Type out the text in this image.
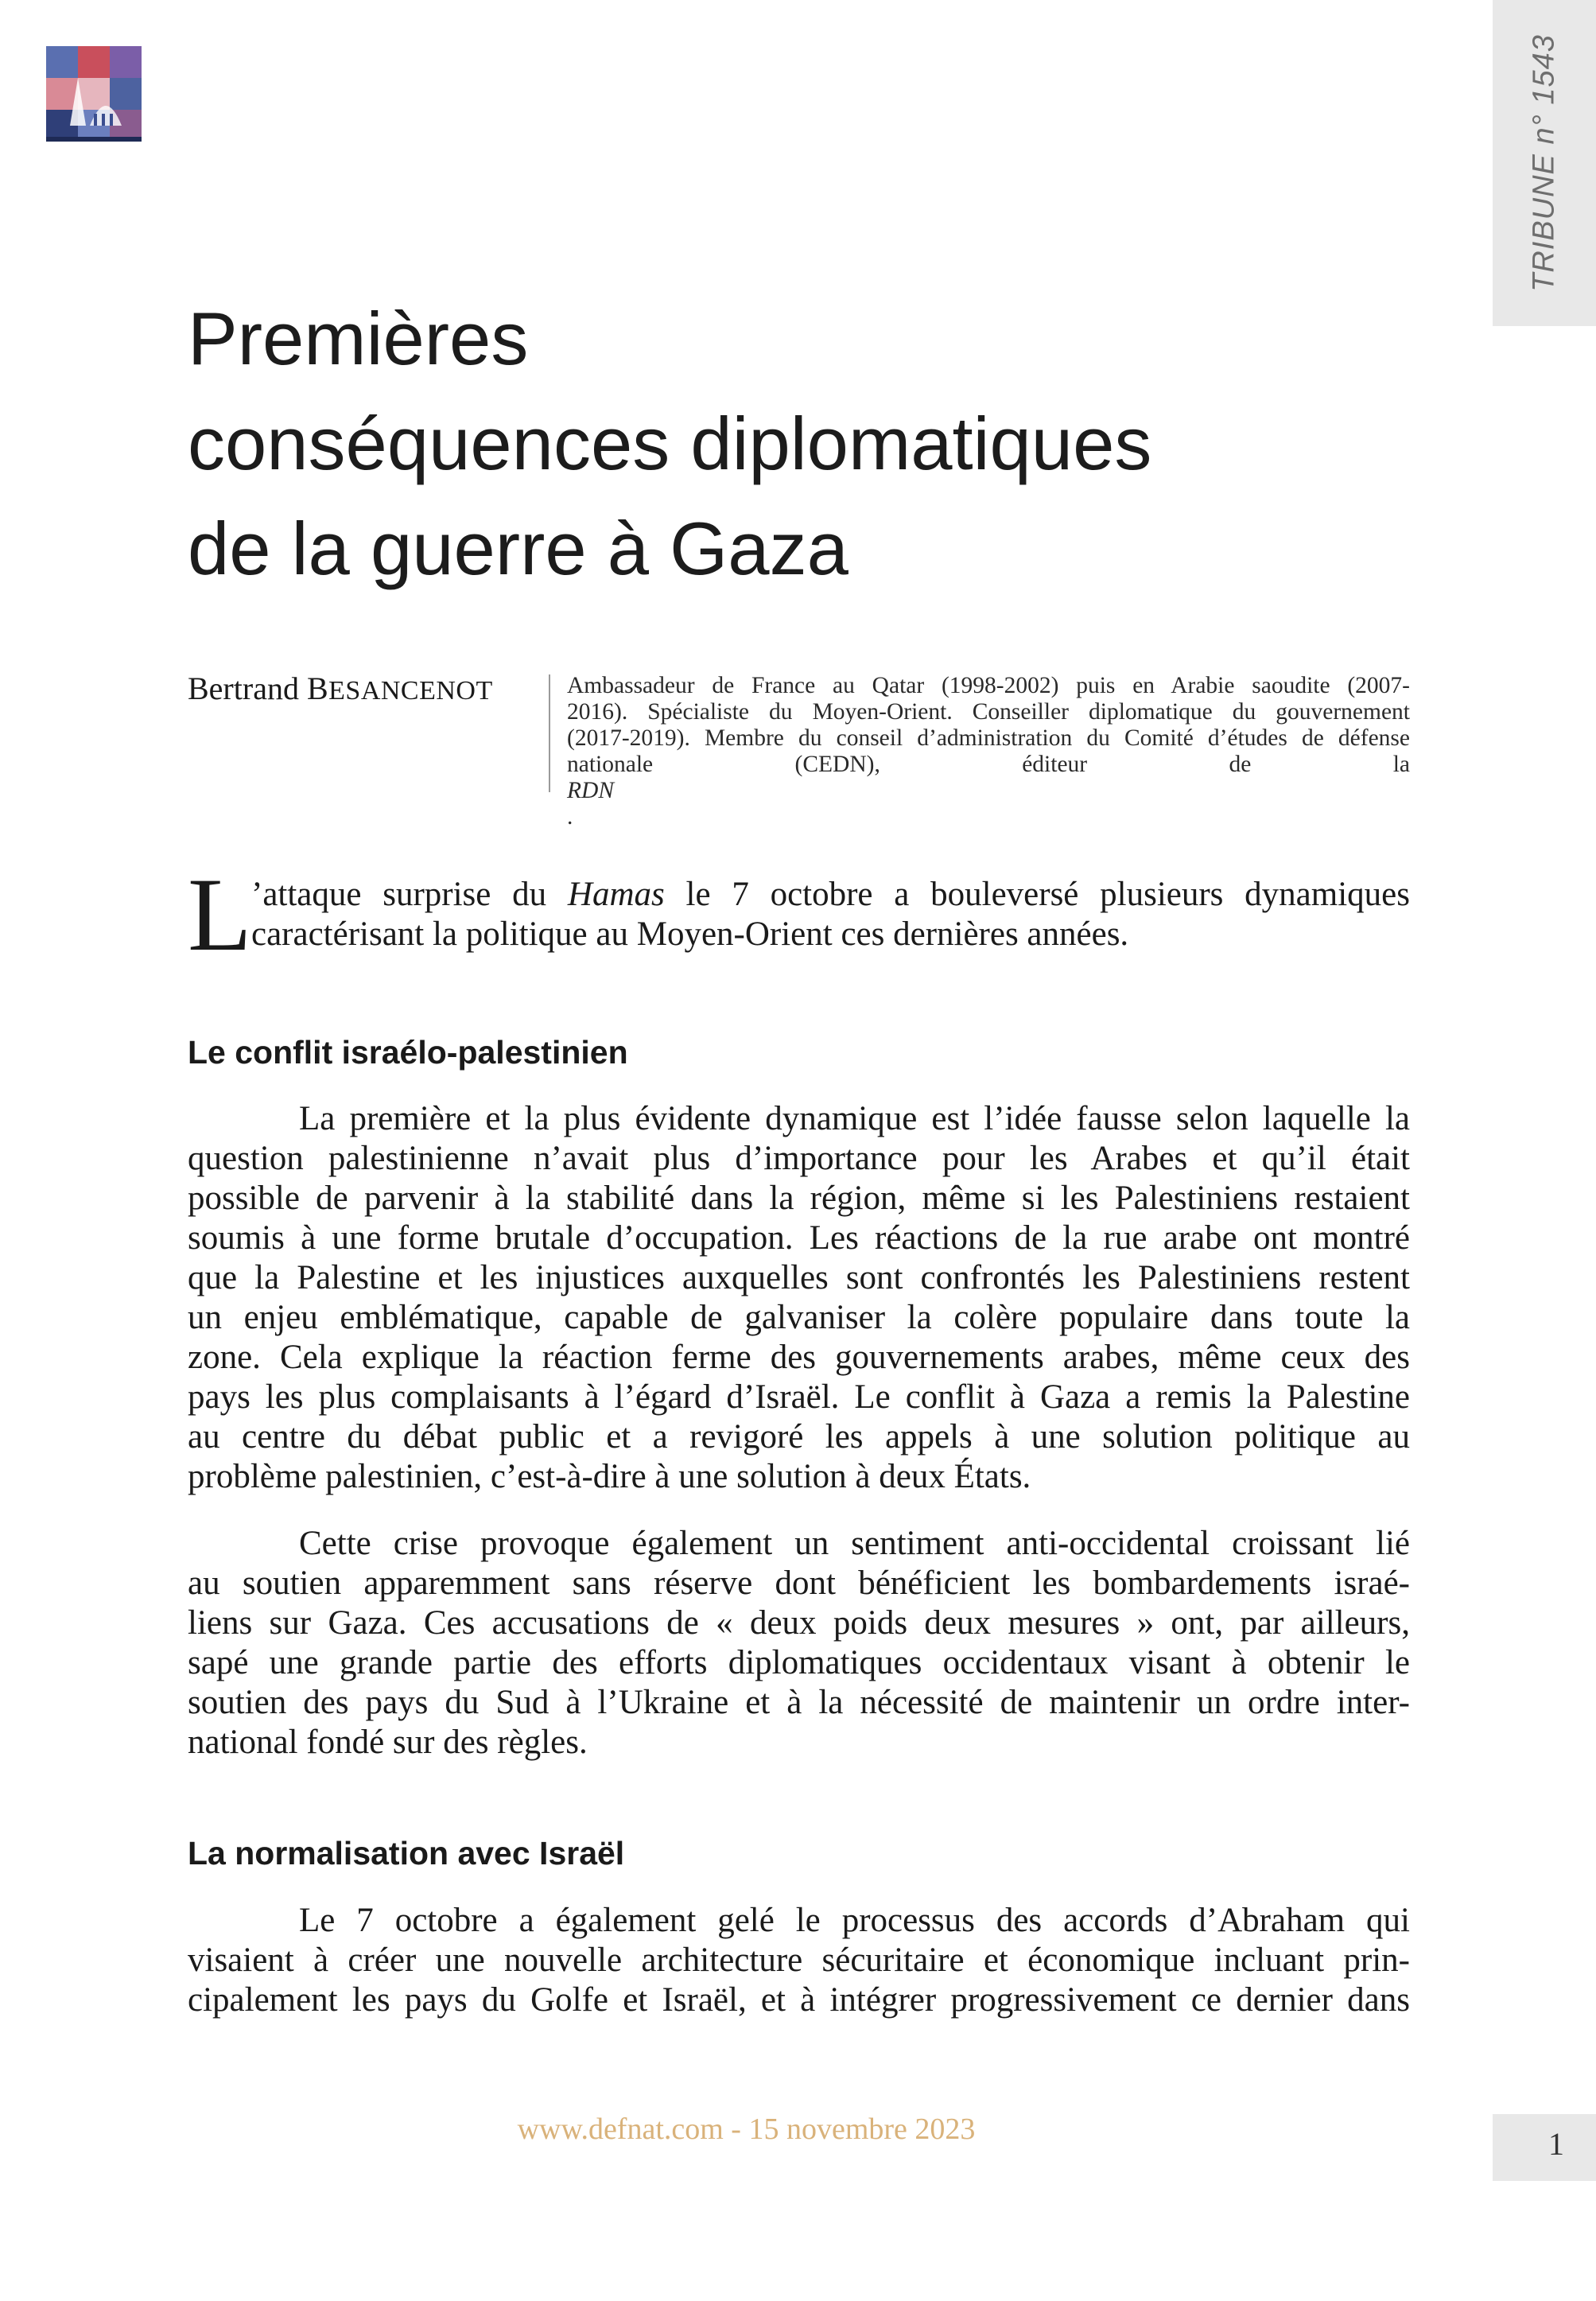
TRIBUNE n° 1543
Premières
conséquences diplomatiques
de la guerre à Gaza
Bertrand BESANCENOT	Ambassadeur de France au Qatar (1998-2002) puis en Arabie saoudite (2007-
2016). Spécialiste du Moyen-Orient. Conseiller diplomatique du gouvernement
(2017-2019). Membre du conseil d’administration du Comité d’études de défense
nationale (CEDN), éditeur de la
RDN
.
L ’attaque surprise du Hamas le 7 octobre a bouleversé plusieurs dynamiques
caractérisant la politique au Moyen-Orient ces dernières années.
Le conflit israélo-palestinien
La première et la plus évidente dynamique est l’idée fausse selon laquelle la
question palestinienne n’avait plus d’importance pour les Arabes et qu’il était
possible de parvenir à la stabilité dans la région, même si les Palestiniens restaient
soumis à une forme brutale d’occupation. Les réactions de la rue arabe ont montré
que la Palestine et les injustices auxquelles sont confrontés les Palestiniens restent
un enjeu emblématique, capable de galvaniser la colère populaire dans toute la
zone. Cela explique la réaction ferme des gouvernements arabes, même ceux des
pays les plus complaisants à l’égard d’Israël. Le conflit à Gaza a remis la Palestine
au centre du débat public et a revigoré les appels à une solution politique au
problème palestinien, c’est-à-dire à une solution à deux États.
Cette crise provoque également un sentiment anti-occidental croissant lié
au soutien apparemment sans réserve dont bénéficient les bombardements israé-
liens sur Gaza. Ces accusations de « deux poids deux mesures » ont, par ailleurs,
sapé une grande partie des efforts diplomatiques occidentaux visant à obtenir le
soutien des pays du Sud à l’Ukraine et à la nécessité de maintenir un ordre inter-
national fondé sur des règles.
La normalisation avec Israël
Le 7 octobre a également gelé le processus des accords d’Abraham qui
visaient à créer une nouvelle architecture sécuritaire et économique incluant prin-
cipalement les pays du Golfe et Israël, et à intégrer progressivement ce dernier dans
www.defnat.com - 15 novembre 2023	1
